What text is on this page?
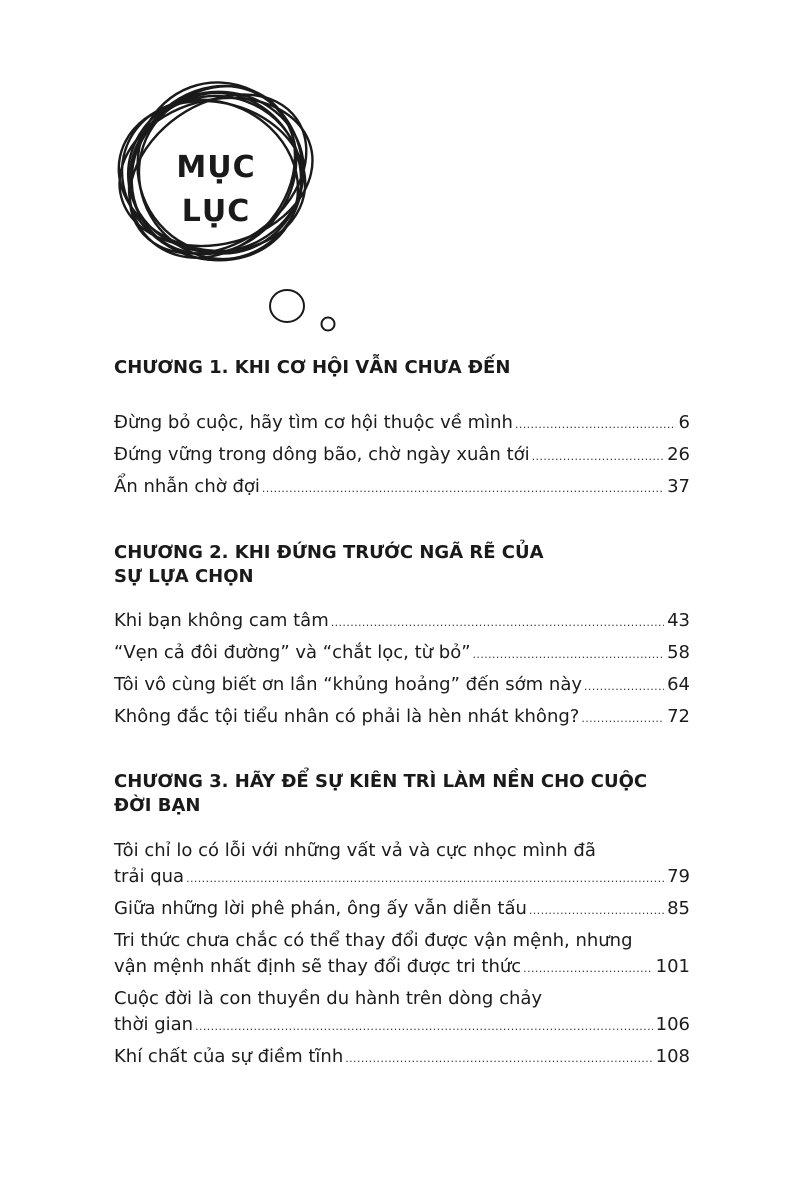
MỤC
LỤC
CHƯƠNG 1. KHI CƠ HỘI VẪN CHƯA ĐẾN
Đừng bỏ cuộc, hãy tìm cơ hội thuộc về mình .....	6
Đứng vững trong dông bão, chờ ngày xuân tới .....	26
Ẩn nhẫn chờ đợi .....	37
CHƯƠNG 2. KHI ĐỨNG TRƯỚC NGÃ RẼ CỦA
SỰ LỰA CHỌN
Khi bạn không cam tâm .....	43
“Vẹn cả đôi đường” và “chắt lọc, từ bỏ” .....	58
Tôi vô cùng biết ơn lần “khủng hoảng” đến sớm này .....	64
Không đắc tội tiểu nhân có phải là hèn nhát không? .....	72
CHƯƠNG 3. HÃY ĐỂ SỰ KIÊN TRÌ LÀM NỀN CHO CUỘC
ĐỜI BẠN
Tôi chỉ lo có lỗi với những vất vả và cực nhọc mình đã
trải qua .....	79
Giữa những lời phê phán, ông ấy vẫn diễn tấu .....	85
Tri thức chưa chắc có thể thay đổi được vận mệnh, nhưng
vận mệnh nhất định sẽ thay đổi được tri thức .....	101
Cuộc đời là con thuyền du hành trên dòng chảy
thời gian .....	106
Khí chất của sự điềm tĩnh .....	108
